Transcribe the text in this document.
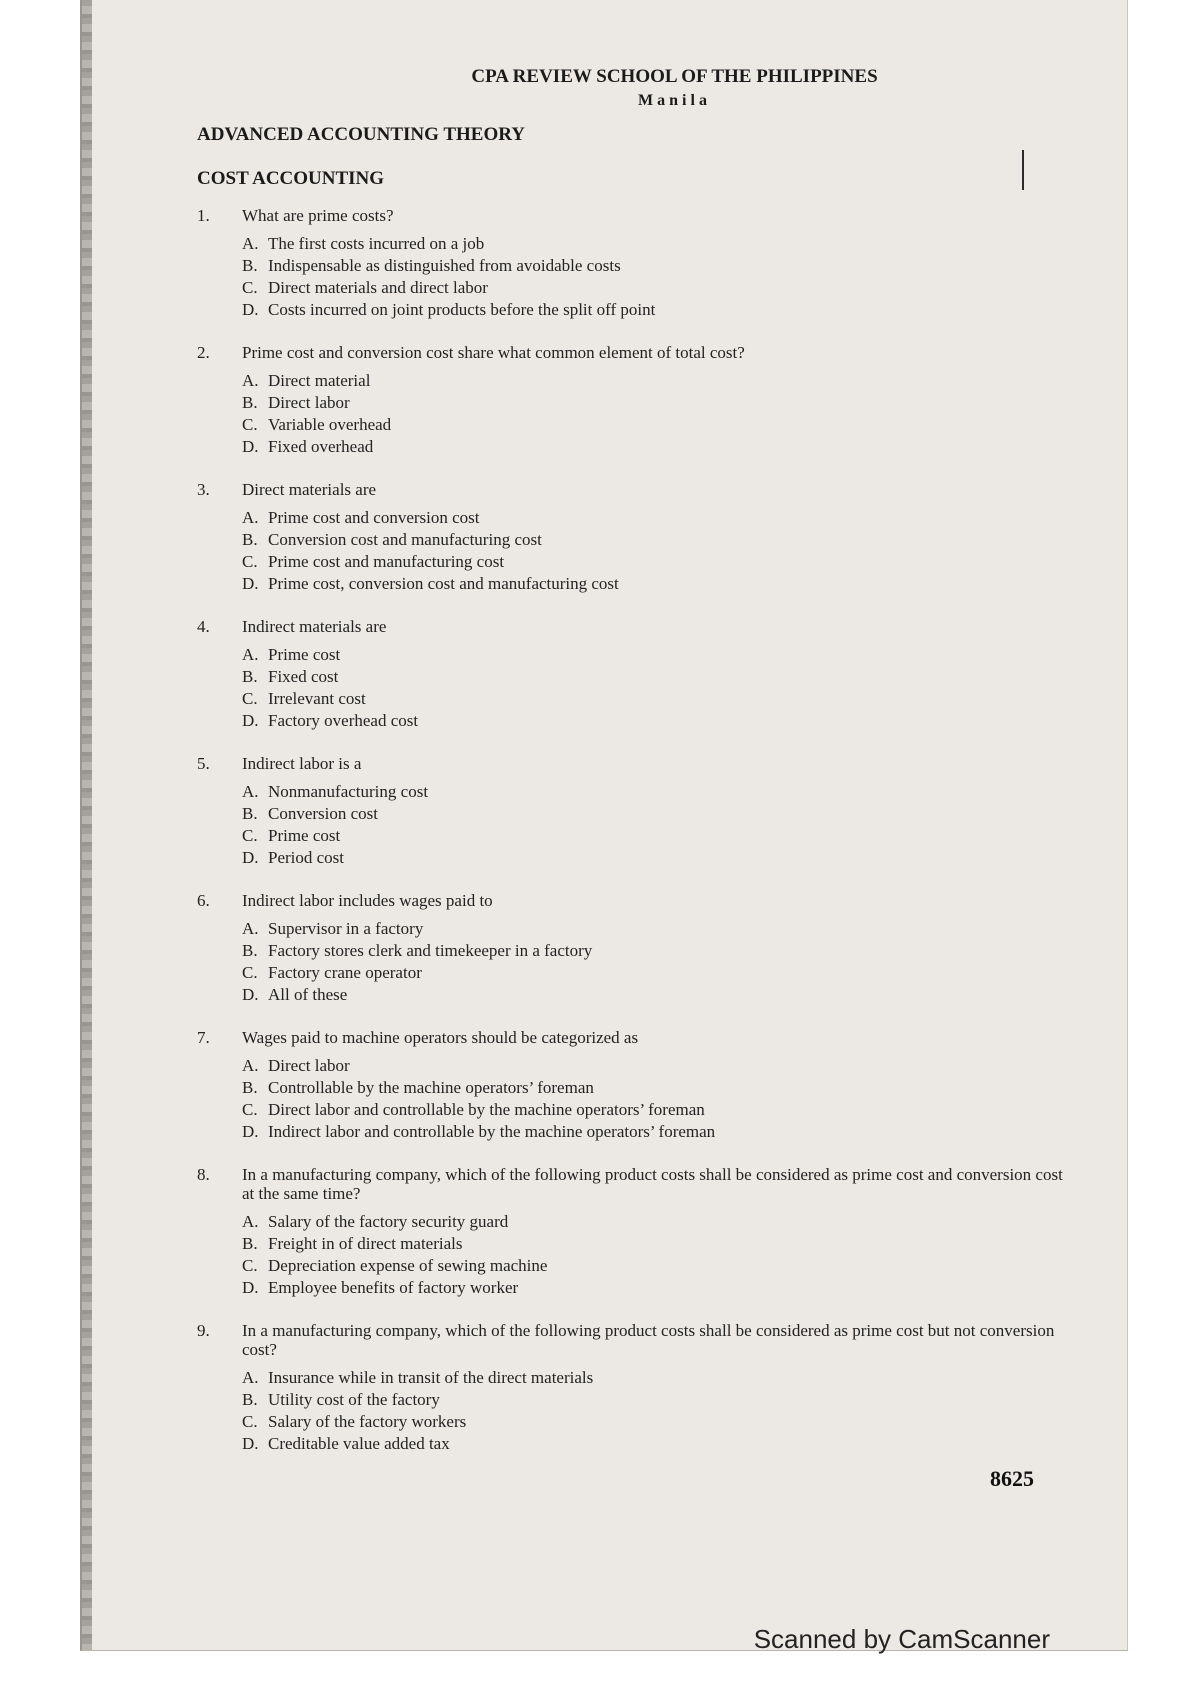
CPA REVIEW SCHOOL OF THE PHILIPPINES
Manila
ADVANCED ACCOUNTING THEORY
COST ACCOUNTING
1.	What are prime costs?
A. The first costs incurred on a job
B. Indispensable as distinguished from avoidable costs
C. Direct materials and direct labor
D. Costs incurred on joint products before the split off point
2.	Prime cost and conversion cost share what common element of total cost?
A. Direct material
B. Direct labor
C. Variable overhead
D. Fixed overhead
3.	Direct materials are
A. Prime cost and conversion cost
B. Conversion cost and manufacturing cost
C. Prime cost and manufacturing cost
D. Prime cost, conversion cost and manufacturing cost
4.	Indirect materials are
A. Prime cost
B. Fixed cost
C. Irrelevant cost
D. Factory overhead cost
5.	Indirect labor is a
A. Nonmanufacturing cost
B. Conversion cost
C. Prime cost
D. Period cost
6.	Indirect labor includes wages paid to
A. Supervisor in a factory
B. Factory stores clerk and timekeeper in a factory
C. Factory crane operator
D. All of these
7.	Wages paid to machine operators should be categorized as
A. Direct labor
B. Controllable by the machine operators’ foreman
C. Direct labor and controllable by the machine operators’ foreman
D. Indirect labor and controllable by the machine operators’ foreman
8.	In a manufacturing company, which of the following product costs shall be considered as prime cost and conversion cost at the same time?
A. Salary of the factory security guard
B. Freight in of direct materials
C. Depreciation expense of sewing machine
D. Employee benefits of factory worker
9.	In a manufacturing company, which of the following product costs shall be considered as prime cost but not conversion cost?
A. Insurance while in transit of the direct materials
B. Utility cost of the factory
C. Salary of the factory workers
D. Creditable value added tax
8625
Scanned by CamScanner
